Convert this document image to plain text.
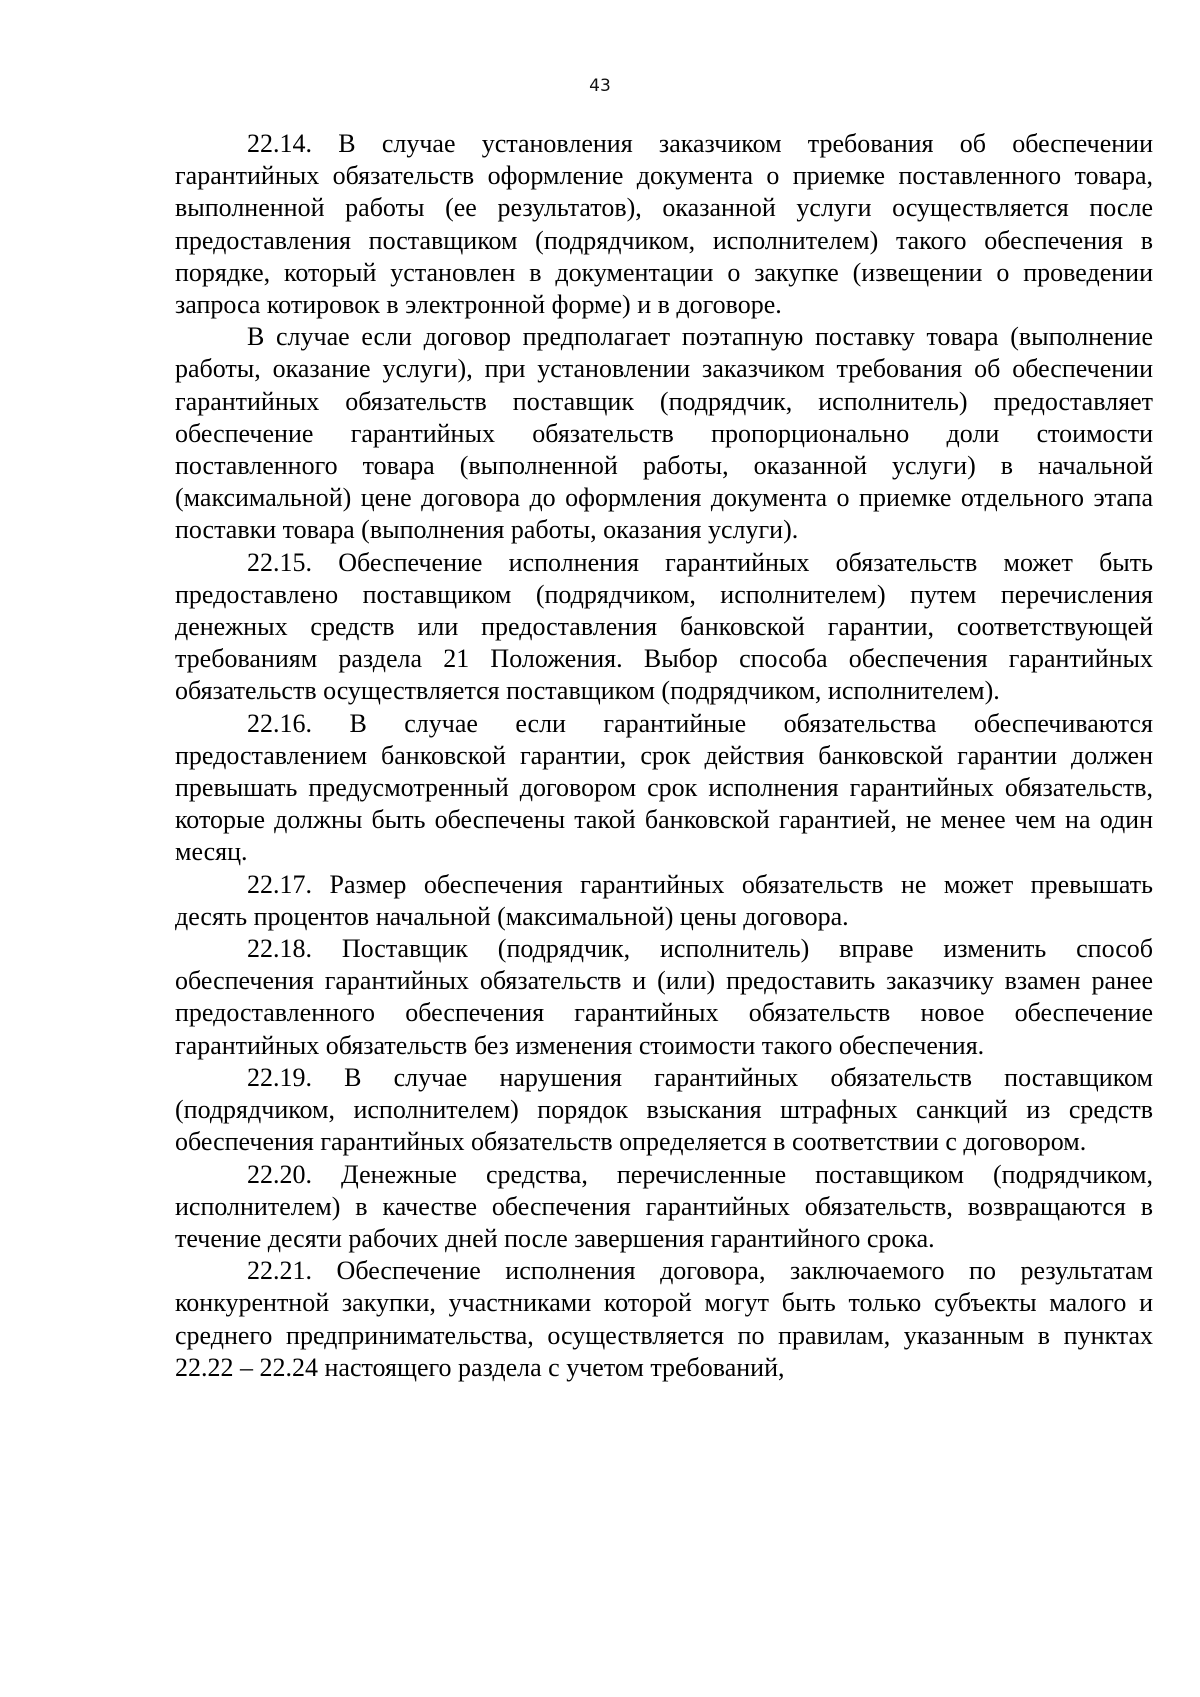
43

22.14. В случае установления заказчиком требования об обеспечении гарантийных обязательств оформление документа о приемке поставленного товара, выполненной работы (ее результатов), оказанной услуги осуществляется после предоставления поставщиком (подрядчиком, исполнителем) такого обеспечения в порядке, который установлен в документации о закупке (извещении о проведении запроса котировок в электронной форме) и в договоре.

В случае если договор предполагает поэтапную поставку товара (выполнение работы, оказание услуги), при установлении заказчиком требования об обеспечении гарантийных обязательств поставщик (подрядчик, исполнитель) предоставляет обеспечение гарантийных обязательств пропорционально доли стоимости поставленного товара (выполненной работы, оказанной услуги) в начальной (максимальной) цене договора до оформления документа о приемке отдельного этапа поставки товара (выполнения работы, оказания услуги).

22.15. Обеспечение исполнения гарантийных обязательств может быть предоставлено поставщиком (подрядчиком, исполнителем) путем перечисления денежных средств или предоставления банковской гарантии, соответствующей требованиям раздела 21 Положения. Выбор способа обеспечения гарантийных обязательств осуществляется поставщиком (подрядчиком, исполнителем).

22.16. В случае если гарантийные обязательства обеспечиваются предоставлением банковской гарантии, срок действия банковской гарантии должен превышать предусмотренный договором срок исполнения гарантийных обязательств, которые должны быть обеспечены такой банковской гарантией, не менее чем на один месяц.

22.17. Размер обеспечения гарантийных обязательств не может превышать десять процентов начальной (максимальной) цены договора.

22.18. Поставщик (подрядчик, исполнитель) вправе изменить способ обеспечения гарантийных обязательств и (или) предоставить заказчику взамен ранее предоставленного обеспечения гарантийных обязательств новое обеспечение гарантийных обязательств без изменения стоимости такого обеспечения.

22.19. В случае нарушения гарантийных обязательств поставщиком (подрядчиком, исполнителем) порядок взыскания штрафных санкций из средств обеспечения гарантийных обязательств определяется в соответствии с договором.

22.20. Денежные средства, перечисленные поставщиком (подрядчиком, исполнителем) в качестве обеспечения гарантийных обязательств, возвращаются в течение десяти рабочих дней после завершения гарантийного срока.

22.21. Обеспечение исполнения договора, заключаемого по результатам конкурентной закупки, участниками которой могут быть только субъекты малого и среднего предпринимательства, осуществляется по правилам, указанным в пунктах 22.22 – 22.24 настоящего раздела с учетом требований,
